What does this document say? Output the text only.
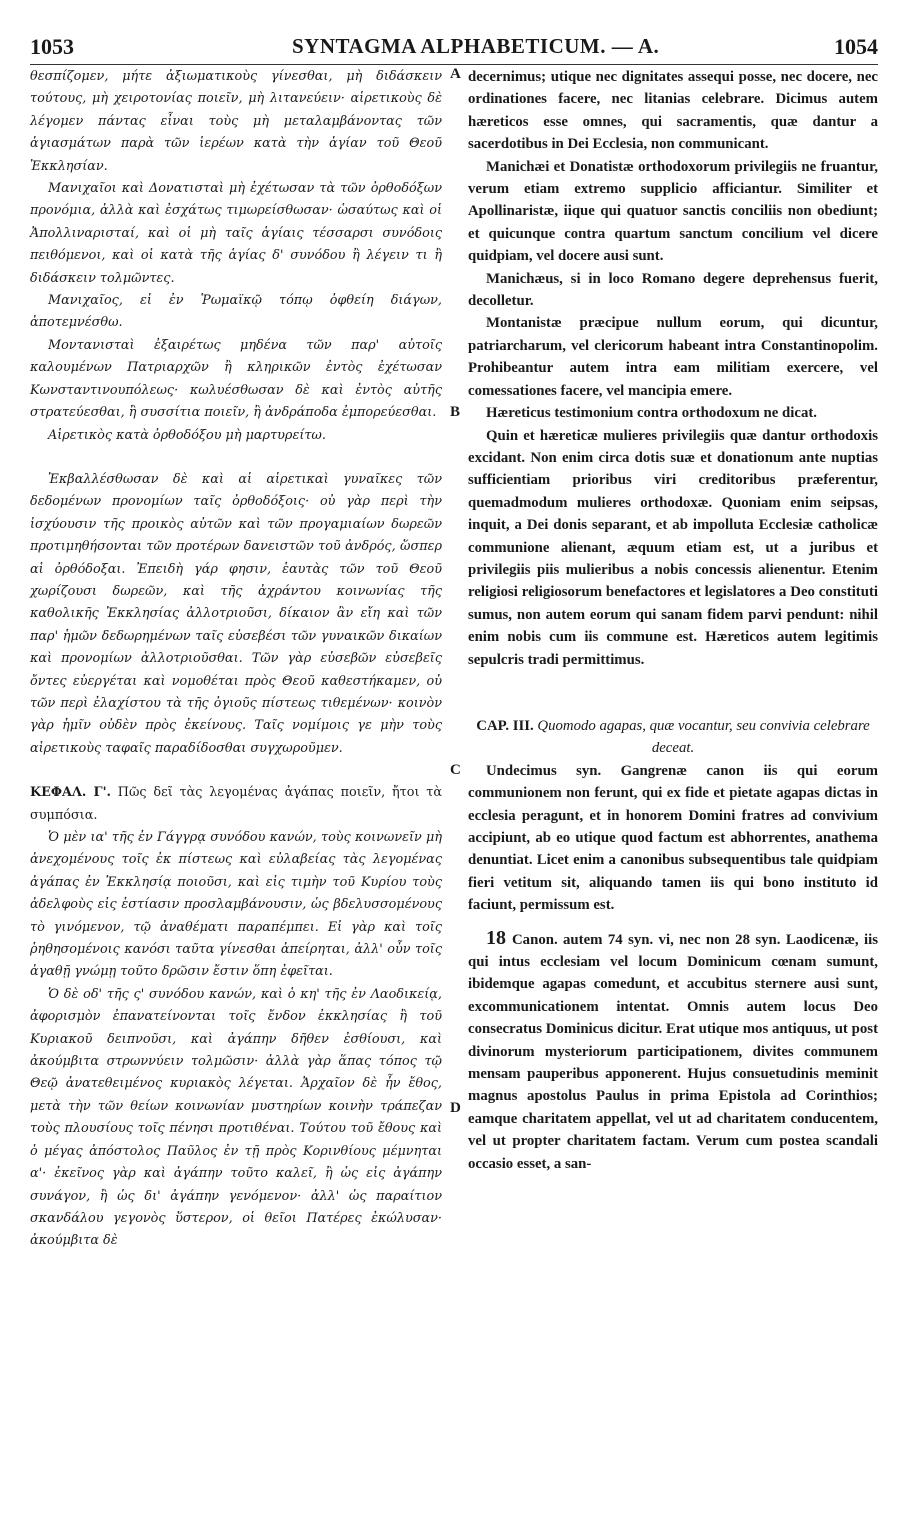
1053	SYNTAGMA ALPHABETICUM. — A.	1054
A
B
C
D

θεσπίζομεν, μήτε ἀξιωματικοὺς γίνεσθαι, μὴ διδάσκειν τούτους, μὴ χειροτονίας ποιεῖν, μὴ λιτανεύειν· αἱρετικοὺς δὲ λέγομεν πάντας εἶναι τοὺς μὴ μεταλαμβάνοντας τῶν ἁγιασμάτων παρὰ τῶν ἱερέων κατὰ τὴν ἁγίαν τοῦ Θεοῦ Ἐκκλησίαν.

Μανιχαῖοι καὶ Δονατισταὶ μὴ ἐχέτωσαν τὰ τῶν ὀρθοδόξων προνόμια, ἀλλὰ καὶ ἐσχάτως τιμωρείσθωσαν· ὡσαύτως καὶ οἱ Ἀπολλιναρισταί, καὶ οἱ μὴ ταῖς ἁγίαις τέσσαρσι συνόδοις πειθόμενοι, καὶ οἱ κατὰ τῆς ἁγίας δ' συνόδου ἢ λέγειν τι ἢ διδάσκειν τολμῶντες.

Μανιχαῖος, εἰ ἐν Ῥωμαϊκῷ τόπῳ ὀφθείη διάγων, ἀποτεμνέσθω.

Μοντανισταὶ ἐξαιρέτως μηδένα τῶν παρ' αὐτοῖς καλουμένων Πατριαρχῶν ἢ κληρικῶν ἐντὸς ἐχέτωσαν Κωνσταντινουπόλεως· κωλυέσθωσαν δὲ καὶ ἐντὸς αὐτῆς στρατεύεσθαι, ἢ συσσίτια ποιεῖν, ἢ ἀνδράποδα ἐμπορεύεσθαι.

Αἱρετικὸς κατὰ ὀρθοδόξου μὴ μαρτυρείτω.

Ἐκβαλλέσθωσαν δὲ καὶ αἱ αἱρετικαὶ γυναῖκες τῶν δεδομένων προνομίων ταῖς ὀρθοδόξοις· οὐ γὰρ περὶ τὴν ἰσχύουσιν τῆς προικὸς αὐτῶν καὶ τῶν προγαμιαίων δωρεῶν προτιμηθήσονται τῶν προτέρων δανειστῶν τοῦ ἀνδρός, ὥσπερ αἱ ὀρθόδοξαι. Ἐπειδὴ γάρ φησιν, ἑαυτὰς τῶν τοῦ Θεοῦ χωρίζουσι δωρεῶν, καὶ τῆς ἀχράντου κοινωνίας τῆς καθολικῆς Ἐκκλησίας ἀλλοτριοῦσι, δίκαιον ἂν εἴη καὶ τῶν παρ' ἡμῶν δεδωρημένων ταῖς εὐσεβέσι τῶν γυναικῶν δικαίων καὶ προνομίων ἀλλοτριοῦσθαι. Τῶν γὰρ εὐσεβῶν εὐσεβεῖς ὄντες εὐεργέται καὶ νομοθέται πρὸς Θεοῦ καθεστήκαμεν, οὐ τῶν περὶ ἐλαχίστου τὰ τῆς ὀγιοῦς πίστεως τιθεμένων· κοινὸν γὰρ ἡμῖν οὐδὲν πρὸς ἐκείνους. Ταῖς νομίμοις γε μὴν τοὺς αἱρετικοὺς ταφαῖς παραδίδοσθαι συγχωροῦμεν.

ΚΕΦΑΛ. Γ'. Πῶς δεῖ τὰς λεγομένας ἀγάπας ποιεῖν, ἤτοι τὰ συμπόσια.

Ὁ μὲν ια' τῆς ἐν Γάγγρᾳ συνόδου κανών, τοὺς κοινωνεῖν μὴ ἀνεχομένους τοῖς ἐκ πίστεως καὶ εὐλαβείας τὰς λεγομένας ἀγάπας ἐν Ἐκκλησίᾳ ποιοῦσι, καὶ εἰς τιμὴν τοῦ Κυρίου τοὺς ἀδελφοὺς εἰς ἑστίασιν προσλαμβάνουσιν, ὡς βδελυσσομένους τὸ γινόμενον, τῷ ἀναθέματι παραπέμπει. Εἰ γὰρ καὶ τοῖς ῥηθησομένοις κανόσι ταῦτα γίνεσθαι ἀπείρηται, ἀλλ' οὖν τοῖς ἀγαθῇ γνώμῃ τοῦτο δρῶσιν ἔστιν ὅπη ἐφεῖται.

Ὁ δὲ οδ' τῆς ς' συνόδου κανών, καὶ ὁ κη' τῆς ἐν Λαοδικείᾳ, ἀφορισμὸν ἐπανατείνονται τοῖς ἔνδον ἐκκλησίας ἢ τοῦ Κυριακοῦ δειπνοῦσι, καὶ ἀγάπην δῆθεν ἐσθίουσι, καὶ ἀκούμβιτα στρωννύειν τολμῶσιν· ἀλλὰ γὰρ ἅπας τόπος τῷ Θεῷ ἀνατεθειμένος κυριακὸς λέγεται. Ἀρχαῖον δὲ ἦν ἔθος, μετὰ τὴν τῶν θείων κοινωνίαν μυστηρίων κοινὴν τράπεζαν τοὺς πλουσίους τοῖς πένησι προτιθέναι. Τούτου τοῦ ἔθους καὶ ὁ μέγας ἀπόστολος Παῦλος ἐν τῇ πρὸς Κορινθίους μέμνηται α'· ἐκεῖνος γὰρ καὶ ἀγάπην τοῦτο καλεῖ, ἢ ὡς εἰς ἀγάπην συνάγον, ἢ ὡς δι' ἀγάπην γενόμενον· ἀλλ' ὡς παραίτιον σκανδάλου γεγονὸς ὕστερον, οἱ θεῖοι Πατέρες ἐκώλυσαν· ἀκούμβιτα δὲ

decernimus; utique nec dignitates assequi posse, nec docere, nec ordinationes facere, nec litanias celebrare. Dicimus autem hæreticos esse omnes, qui sacramentis, quæ dantur a sacerdotibus in Dei Ecclesia, non communicant.

Manichæi et Donatistæ orthodoxorum privilegiis ne fruantur, verum etiam extremo supplicio afficiantur. Similiter et Apollinaristæ, iique qui quatuor sanctis conciliis non obediunt; et quicunque contra quartum sanctum concilium vel dicere quidpiam, vel docere ausi sunt.

Manichæus, si in loco Romano degere deprehensus fuerit, decolletur.

Montanistæ præcipue nullum eorum, qui dicuntur, patriarcharum, vel clericorum habeant intra Constantinopolim. Prohibeantur autem intra eam militiam exercere, vel comessationes facere, vel mancipia emere.

Hæreticus testimonium contra orthodoxum ne dicat.

Quin et hæreticæ mulieres privilegiis quæ dantur orthodoxis excidant. Non enim circa dotis suæ et donationum ante nuptias sufficientiam prioribus viri creditoribus præferentur, quemadmodum mulieres orthodoxæ. Quoniam enim seipsas, inquit, a Dei donis separant, et ab impolluta Ecclesiæ catholicæ communione alienant, æquum etiam est, ut a juribus et privilegiis piis mulieribus a nobis concessis alienentur. Etenim religiosi religiosorum benefactores et legislatores a Deo constituti sumus, non autem eorum qui sanam fidem parvi pendunt: nihil enim nobis cum iis commune est. Hæreticos autem legitimis sepulcris tradi permittimus.

CAP. III. Quomodo agapas, quæ vocantur, seu convivia celebrare deceat.

Undecimus syn. Gangrenæ canon iis qui eorum communionem non ferunt, qui ex fide et pietate agapas dictas in ecclesia peragunt, et in honorem Domini fratres ad convivium accipiunt, ab eo utique quod factum est abhorrentes, anathema denuntiat. Licet enim a canonibus subsequentibus tale quidpiam fieri vetitum sit, aliquando tamen iis qui bono instituto id faciunt, permissum est.

18 Canon. autem 74 syn. vi, nec non 28 syn. Laodicenæ, iis qui intus ecclesiam vel locum Dominicum cœnam sumunt, ibidemque agapas comedunt, et accubitus sternere ausi sunt, excommunicationem intentat. Omnis autem locus Deo consecratus Dominicus dicitur. Erat utique mos antiquus, ut post divinorum mysteriorum participationem, divites communem mensam pauperibus apponerent. Hujus consuetudinis meminit magnus apostolus Paulus in prima Epistola ad Corinthios; eamque charitatem appellat, vel ut ad charitatem conducentem, vel ut propter charitatem factam. Verum cum postea scandali occasio esset, a san-
